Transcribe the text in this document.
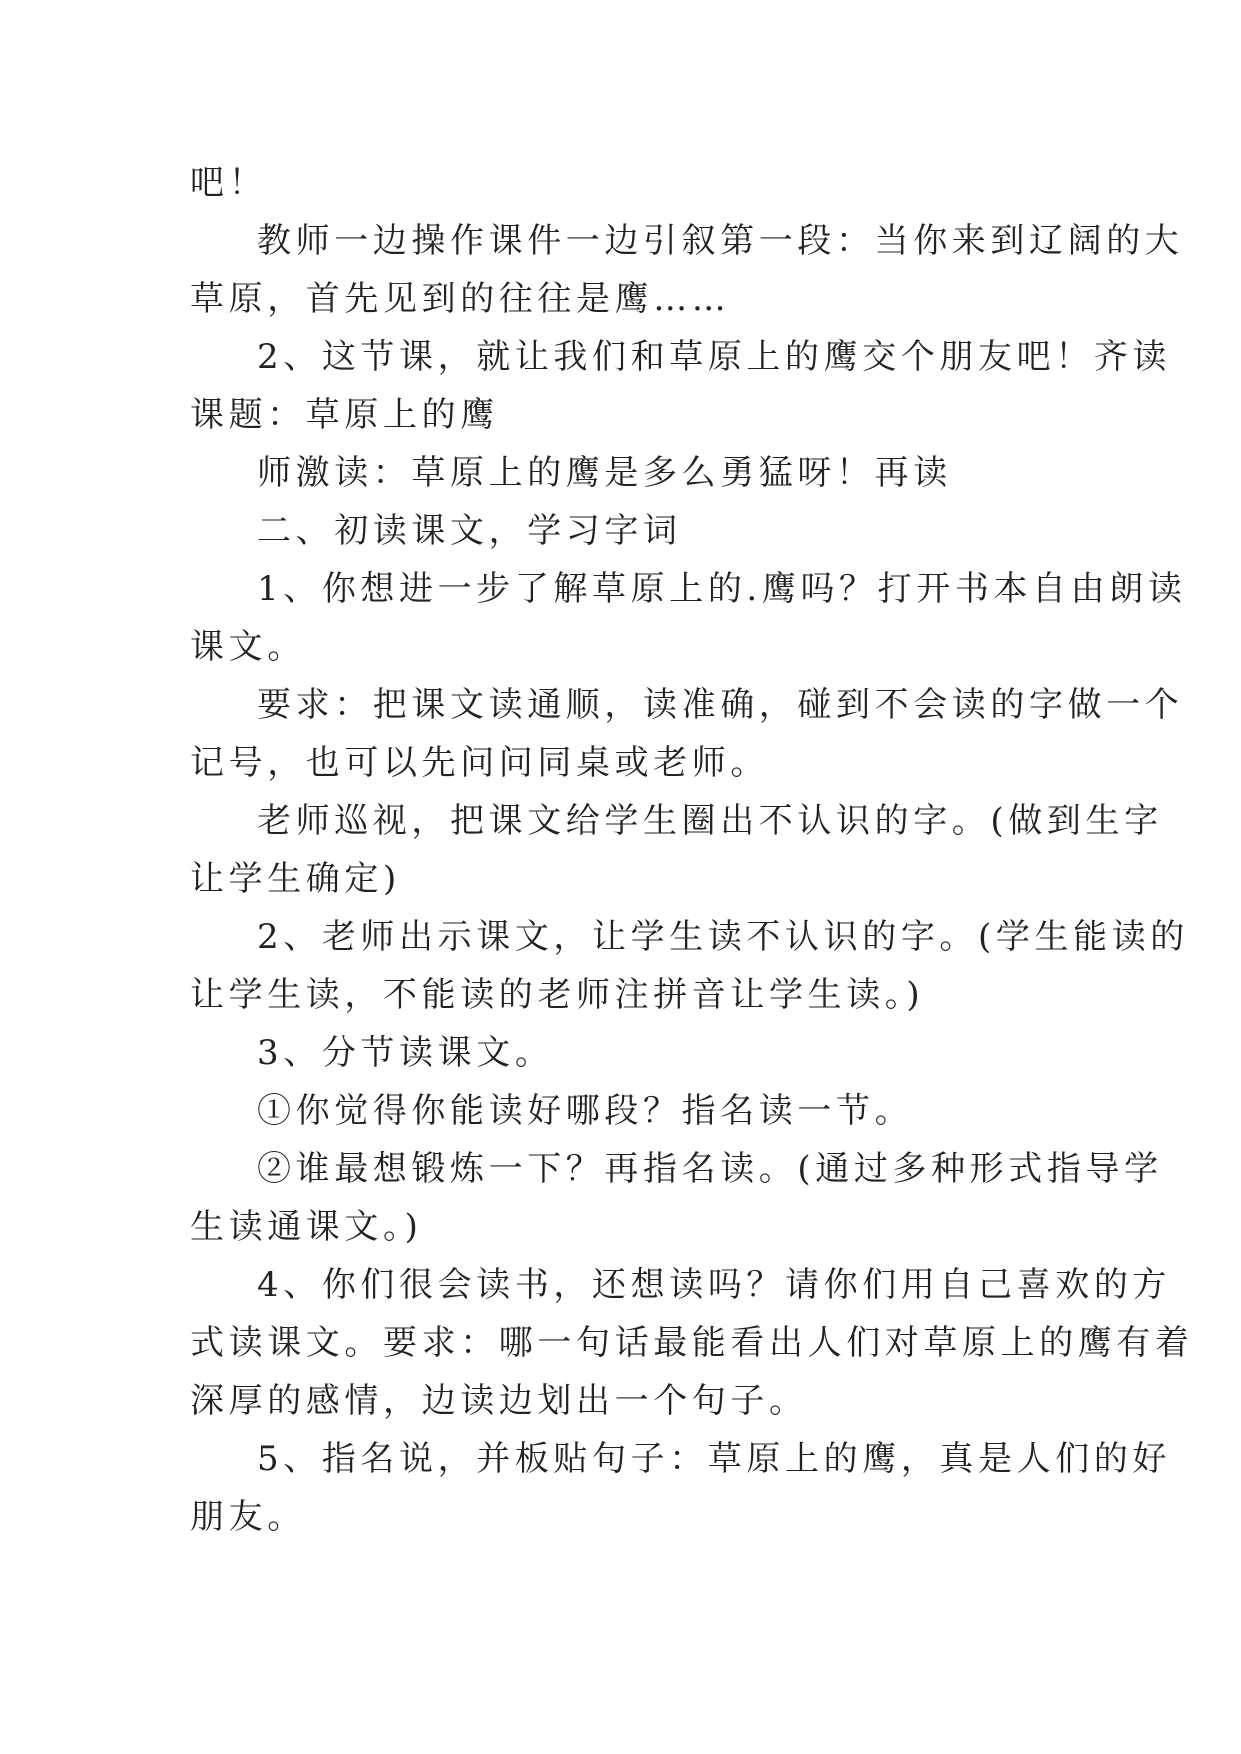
吧！
教师一边操作课件一边引叙第一段：当你来到辽阔的大
草原，首先见到的往往是鹰……
2、这节课，就让我们和草原上的鹰交个朋友吧！齐读
课题：草原上的鹰
师激读：草原上的鹰是多么勇猛呀！再读
二、初读课文，学习字词
1、你想进一步了解草原上的.鹰吗？打开书本自由朗读
课文。
要求：把课文读通顺，读准确，碰到不会读的字做一个
记号，也可以先问问同桌或老师。
老师巡视，把课文给学生圈出不认识的字。(做到生字
让学生确定)
2、老师出示课文，让学生读不认识的字。(学生能读的
让学生读，不能读的老师注拼音让学生读。)
3、分节读课文。
①你觉得你能读好哪段？指名读一节。
②谁最想锻炼一下？再指名读。(通过多种形式指导学
生读通课文。)
4、你们很会读书，还想读吗？请你们用自己喜欢的方
式读课文。要求：哪一句话最能看出人们对草原上的鹰有着
深厚的感情，边读边划出一个句子。
5、指名说，并板贴句子：草原上的鹰，真是人们的好
朋友。
